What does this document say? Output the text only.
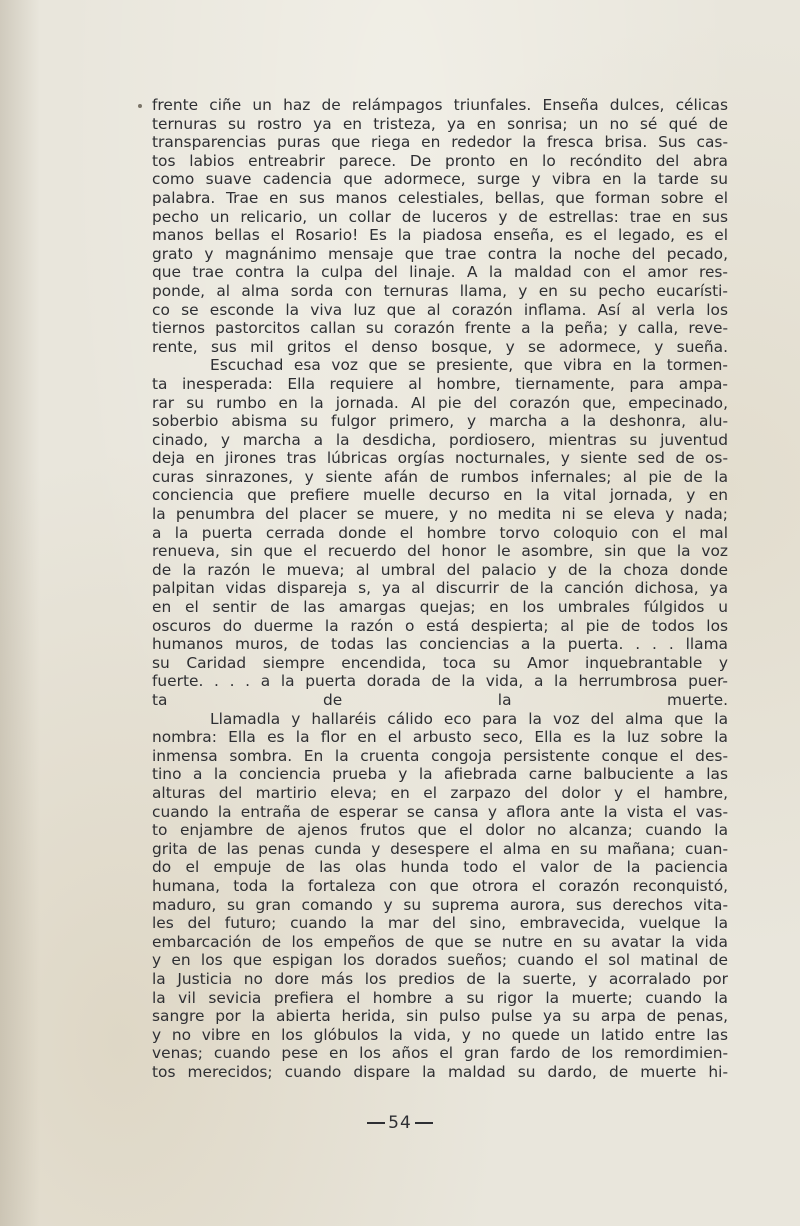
frente ciñe un haz de relámpagos triunfales. Enseña dulces, célicas
ternuras su rostro ya en tristeza, ya en sonrisa; un no sé qué de
transparencias puras que riega en rededor la fresca brisa. Sus cas-
tos labios entreabrir parece. De pronto en lo recóndito del abra
como suave cadencia que adormece, surge y vibra en la tarde su
palabra. Trae en sus manos celestiales, bellas, que forman sobre el
pecho un relicario, un collar de luceros y de estrellas: trae en sus
manos bellas el Rosario! Es la piadosa enseña, es el legado, es el
grato y magnánimo mensaje que trae contra la noche del pecado,
que trae contra la culpa del linaje. A la maldad con el amor res-
ponde, al alma sorda con ternuras llama, y en su pecho eucarísti-
co se esconde la viva luz que al corazón inflama. Así al verla los
tiernos pastorcitos callan su corazón frente a la peña; y calla, reve-
rente, sus mil gritos el denso bosque, y se adormece, y sueña.

Escuchad esa voz que se presiente, que vibra en la tormen-
ta inesperada: Ella requiere al hombre, tiernamente, para ampa-
rar su rumbo en la jornada. Al pie del corazón que, empecinado,
soberbio abisma su fulgor primero, y marcha a la deshonra, alu-
cinado, y marcha a la desdicha, pordiosero, mientras su juventud
deja en jirones tras lúbricas orgías nocturnales, y siente sed de os-
curas sinrazones, y siente afán de rumbos infernales; al pie de la
conciencia que prefiere muelle decurso en la vital jornada, y en
la penumbra del placer se muere, y no medita ni se eleva y nada;
a la puerta cerrada donde el hombre torvo coloquio con el mal
renueva, sin que el recuerdo del honor le asombre, sin que la voz
de la razón le mueva; al umbral del palacio y de la choza donde
palpitan vidas dispareja s, ya al discurrir de la canción dichosa, ya
en el sentir de las amargas quejas; en los umbrales fúlgidos u
oscuros do duerme la razón o está despierta; al pie de todos los
humanos muros, de todas las conciencias a la puerta. . . . llama
su Caridad siempre encendida, toca su Amor inquebrantable y
fuerte. . . . a la puerta dorada de la vida, a la herrumbrosa puer-
ta de la muerte.

Llamadla y hallaréis cálido eco para la voz del alma que la
nombra: Ella es la flor en el arbusto seco, Ella es la luz sobre la
inmensa sombra. En la cruenta congoja persistente conque el des-
tino a la conciencia prueba y la afiebrada carne balbuciente a las
alturas del martirio eleva; en el zarpazo del dolor y el hambre,
cuando la entraña de esperar se cansa y aflora ante la vista el vas-
to enjambre de ajenos frutos que el dolor no alcanza; cuando la
grita de las penas cunda y desespere el alma en su mañana; cuan-
do el empuje de las olas hunda todo el valor de la paciencia
humana, toda la fortaleza con que otrora el corazón reconquistó,
maduro, su gran comando y su suprema aurora, sus derechos vita-
les del futuro; cuando la mar del sino, embravecida, vuelque la
embarcación de los empeños de que se nutre en su avatar la vida
y en los que espigan los dorados sueños; cuando el sol matinal de
la Justicia no dore más los predios de la suerte, y acorralado por
la vil sevicia prefiera el hombre a su rigor la muerte; cuando la
sangre por la abierta herida, sin pulso pulse ya su arpa de penas,
y no vibre en los glóbulos la vida, y no quede un latido entre las
venas; cuando pese en los años el gran fardo de los remordimien-
tos merecidos; cuando dispare la maldad su dardo, de muerte hi-

54
